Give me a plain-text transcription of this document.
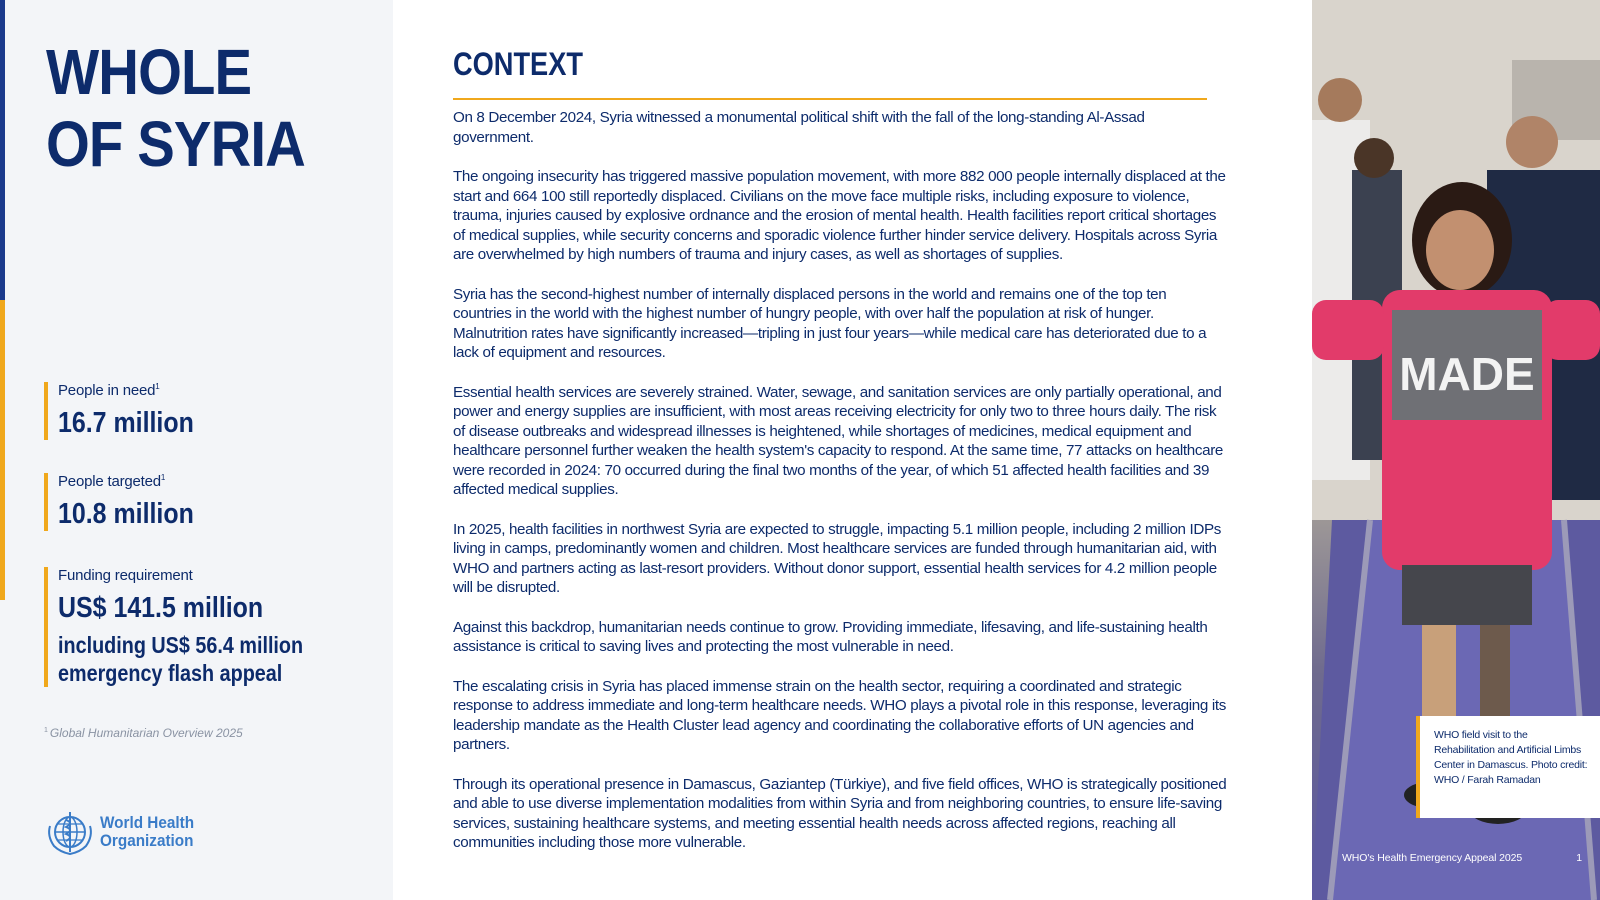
WHOLE OF SYRIA
People in need$^1$
16.7 million
People targeted$^1$
10.8 million
Funding requirement
US$ 141.5 million
including US$ 56.4 million emergency flash appeal
$^1$ Global Humanitarian Overview 2025
World Health
Organization
CONTEXT

On 8 December 2024, Syria witnessed a monumental political shift with the fall of the long-standing Al-Assad government.

The ongoing insecurity has triggered massive population movement, with more 882 000 people internally displaced at the start and 664 100 still reportedly displaced. Civilians on the move face multiple risks, including exposure to violence, trauma, injuries caused by explosive ordnance and the erosion of mental health. Health facilities report critical shortages of medical supplies, while security concerns and sporadic violence further hinder service delivery. Hospitals across Syria are overwhelmed by high numbers of trauma and injury cases, as well as shortages of supplies.

Syria has the second-highest number of internally displaced persons in the world and remains one of the top ten countries in the world with the highest number of hungry people, with over half the population at risk of hunger. Malnutrition rates have significantly increased—tripling in just four years—while medical care has deteriorated due to a lack of equipment and resources.

Essential health services are severely strained. Water, sewage, and sanitation services are only partially operational, and power and energy supplies are insufficient, with most areas receiving electricity for only two to three hours daily. The risk of disease outbreaks and widespread illnesses is heightened, while shortages of medicines, medical equipment and healthcare personnel further weaken the health system's capacity to respond. At the same time, 77 attacks on healthcare were recorded in 2024: 70 occurred during the final two months of the year, of which 51 affected health facilities and 39 affected medical supplies.

In 2025, health facilities in northwest Syria are expected to struggle, impacting 5.1 million people, including 2 million IDPs living in camps, predominantly women and children. Most healthcare services are funded through humanitarian aid, with WHO and partners acting as last-resort providers. Without donor support, essential health services for 4.2 million people will be disrupted.

Against this backdrop, humanitarian needs continue to grow. Providing immediate, lifesaving, and life-sustaining health assistance is critical to saving lives and protecting the most vulnerable in need.

The escalating crisis in Syria has placed immense strain on the health sector, requiring a coordinated and strategic response to address immediate and long-term healthcare needs. WHO plays a pivotal role in this response, leveraging its leadership mandate as the Health Cluster lead agency and coordinating the collaborative efforts of UN agencies and partners.

Through its operational presence in Damascus, Gaziantep (Türkiye), and five field offices, WHO is strategically positioned and able to use diverse implementation modalities from within Syria and from neighboring countries, to ensure life-saving services, sustaining healthcare systems, and meeting essential health needs across affected regions, reaching all communities including those more vulnerable.

MADE
WHO field visit to the Rehabilitation and Artificial Limbs Center in Damascus. Photo credit: WHO / Farah Ramadan
WHO's Health Emergency Appeal 2025	1
